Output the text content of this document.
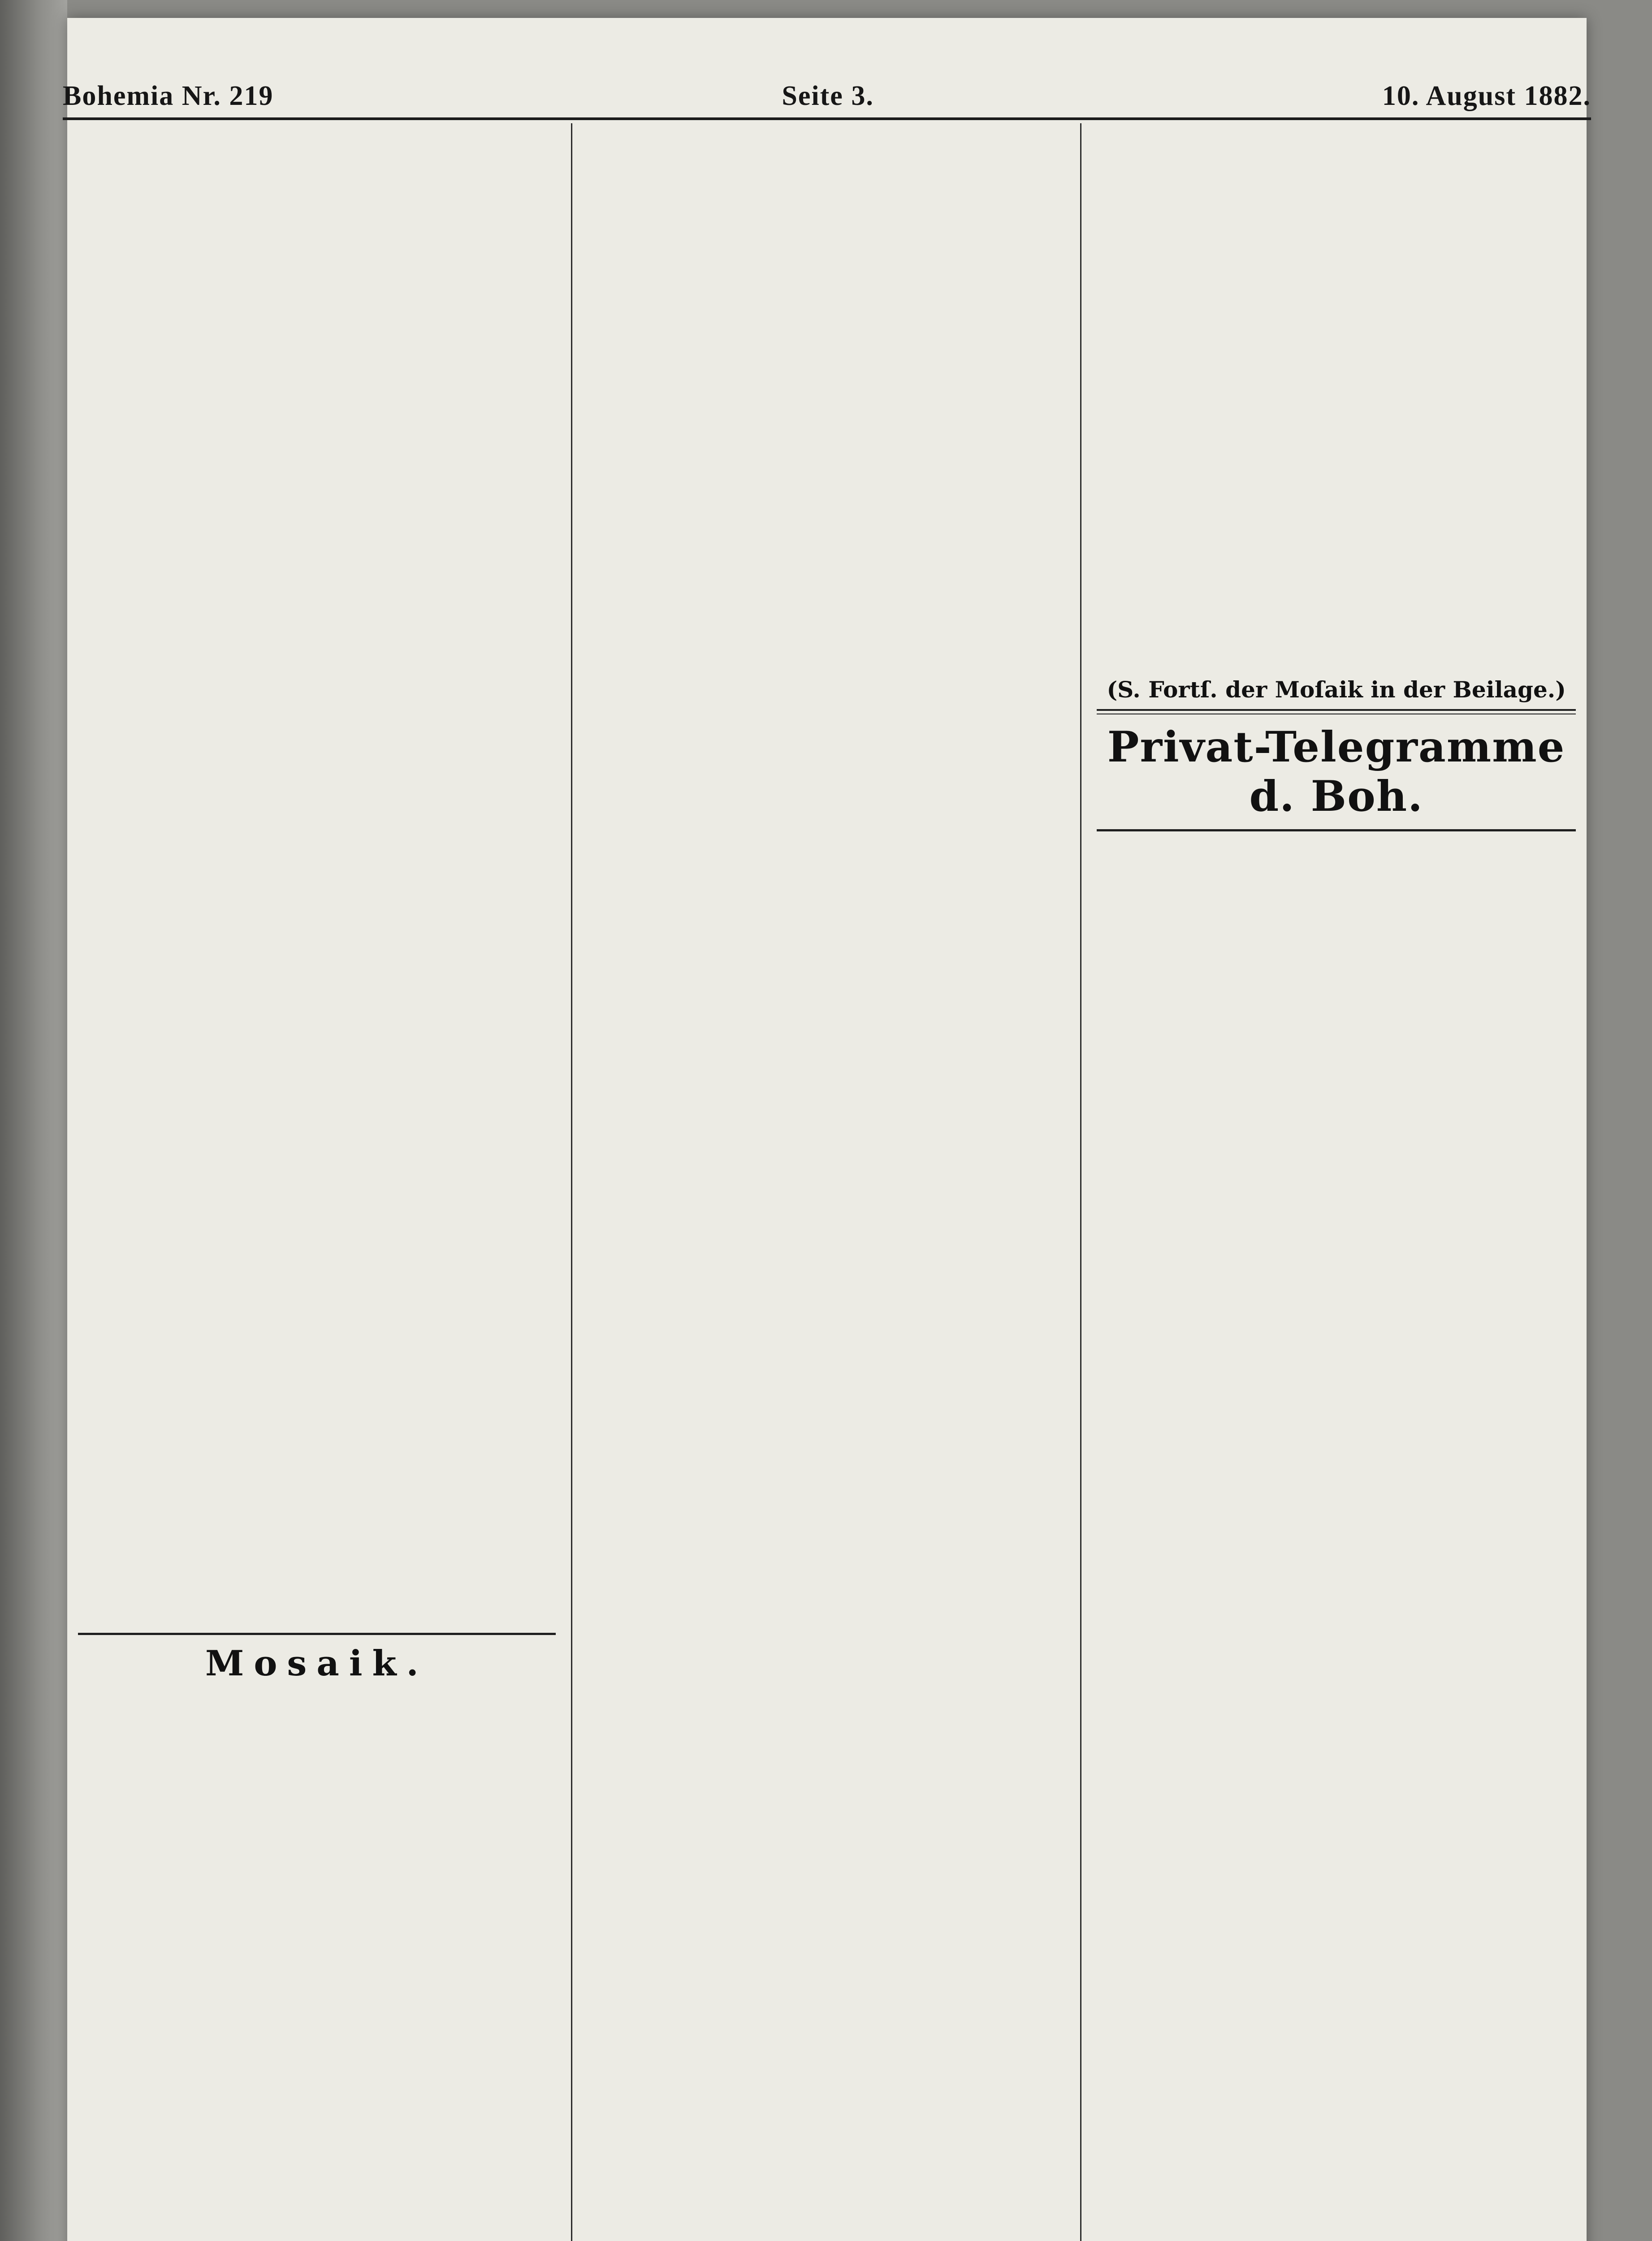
Bohemia Nr. 219	Seite 3.	10. August 1882.
Mosaik.
(S. Fortſ. der Moſaik in der Beilage.)
Privat-Telegramme d. Boh.
